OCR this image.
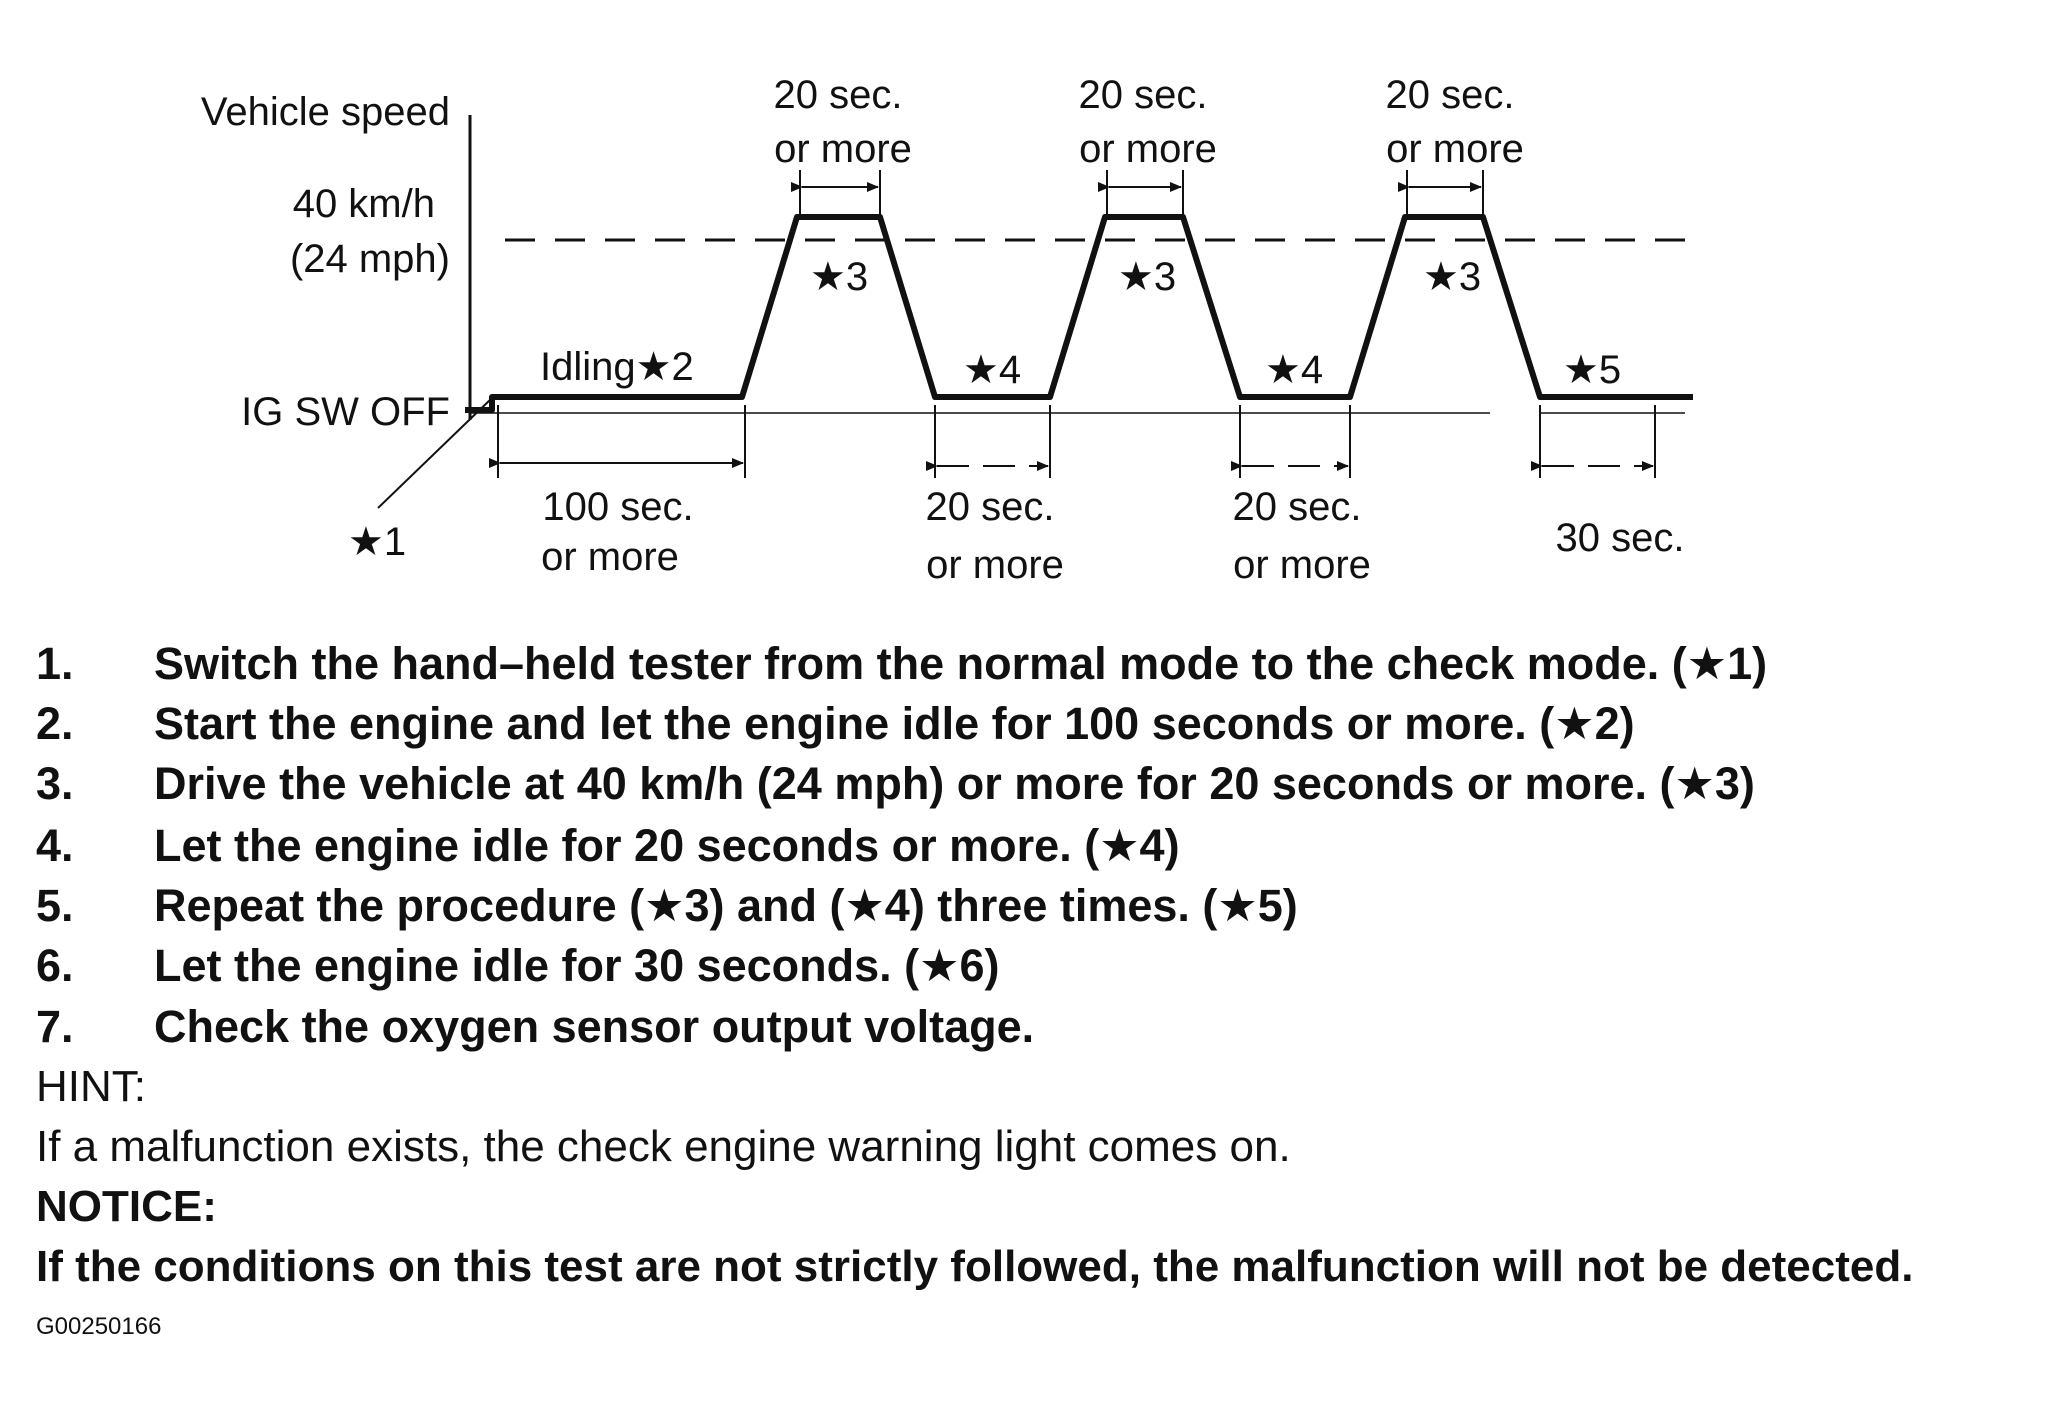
Vehicle speed
40 km/h
(24 mph)
IG SW OFF
★1
Idling★2
★3	★3	★3
★4	★4	★5
20 sec.
or more
20 sec.
or more
20 sec.
or more
100 sec.
or more
20 sec.
or more
20 sec.
or more
30 sec.
1. Switch the hand–held tester from the normal mode to the check mode. (★1)
2. Start the engine and let the engine idle for 100 seconds or more. (★2)
3. Drive the vehicle at 40 km/h (24 mph) or more for 20 seconds or more. (★3)
4. Let the engine idle for 20 seconds or more. (★4)
5. Repeat the procedure (★3) and (★4) three times. (★5)
6. Let the engine idle for 30 seconds. (★6)
7. Check the oxygen sensor output voltage.
HINT:
If a malfunction exists, the check engine warning light comes on.
NOTICE:
If the conditions on this test are not strictly followed, the malfunction will not be detected.
G00250166
